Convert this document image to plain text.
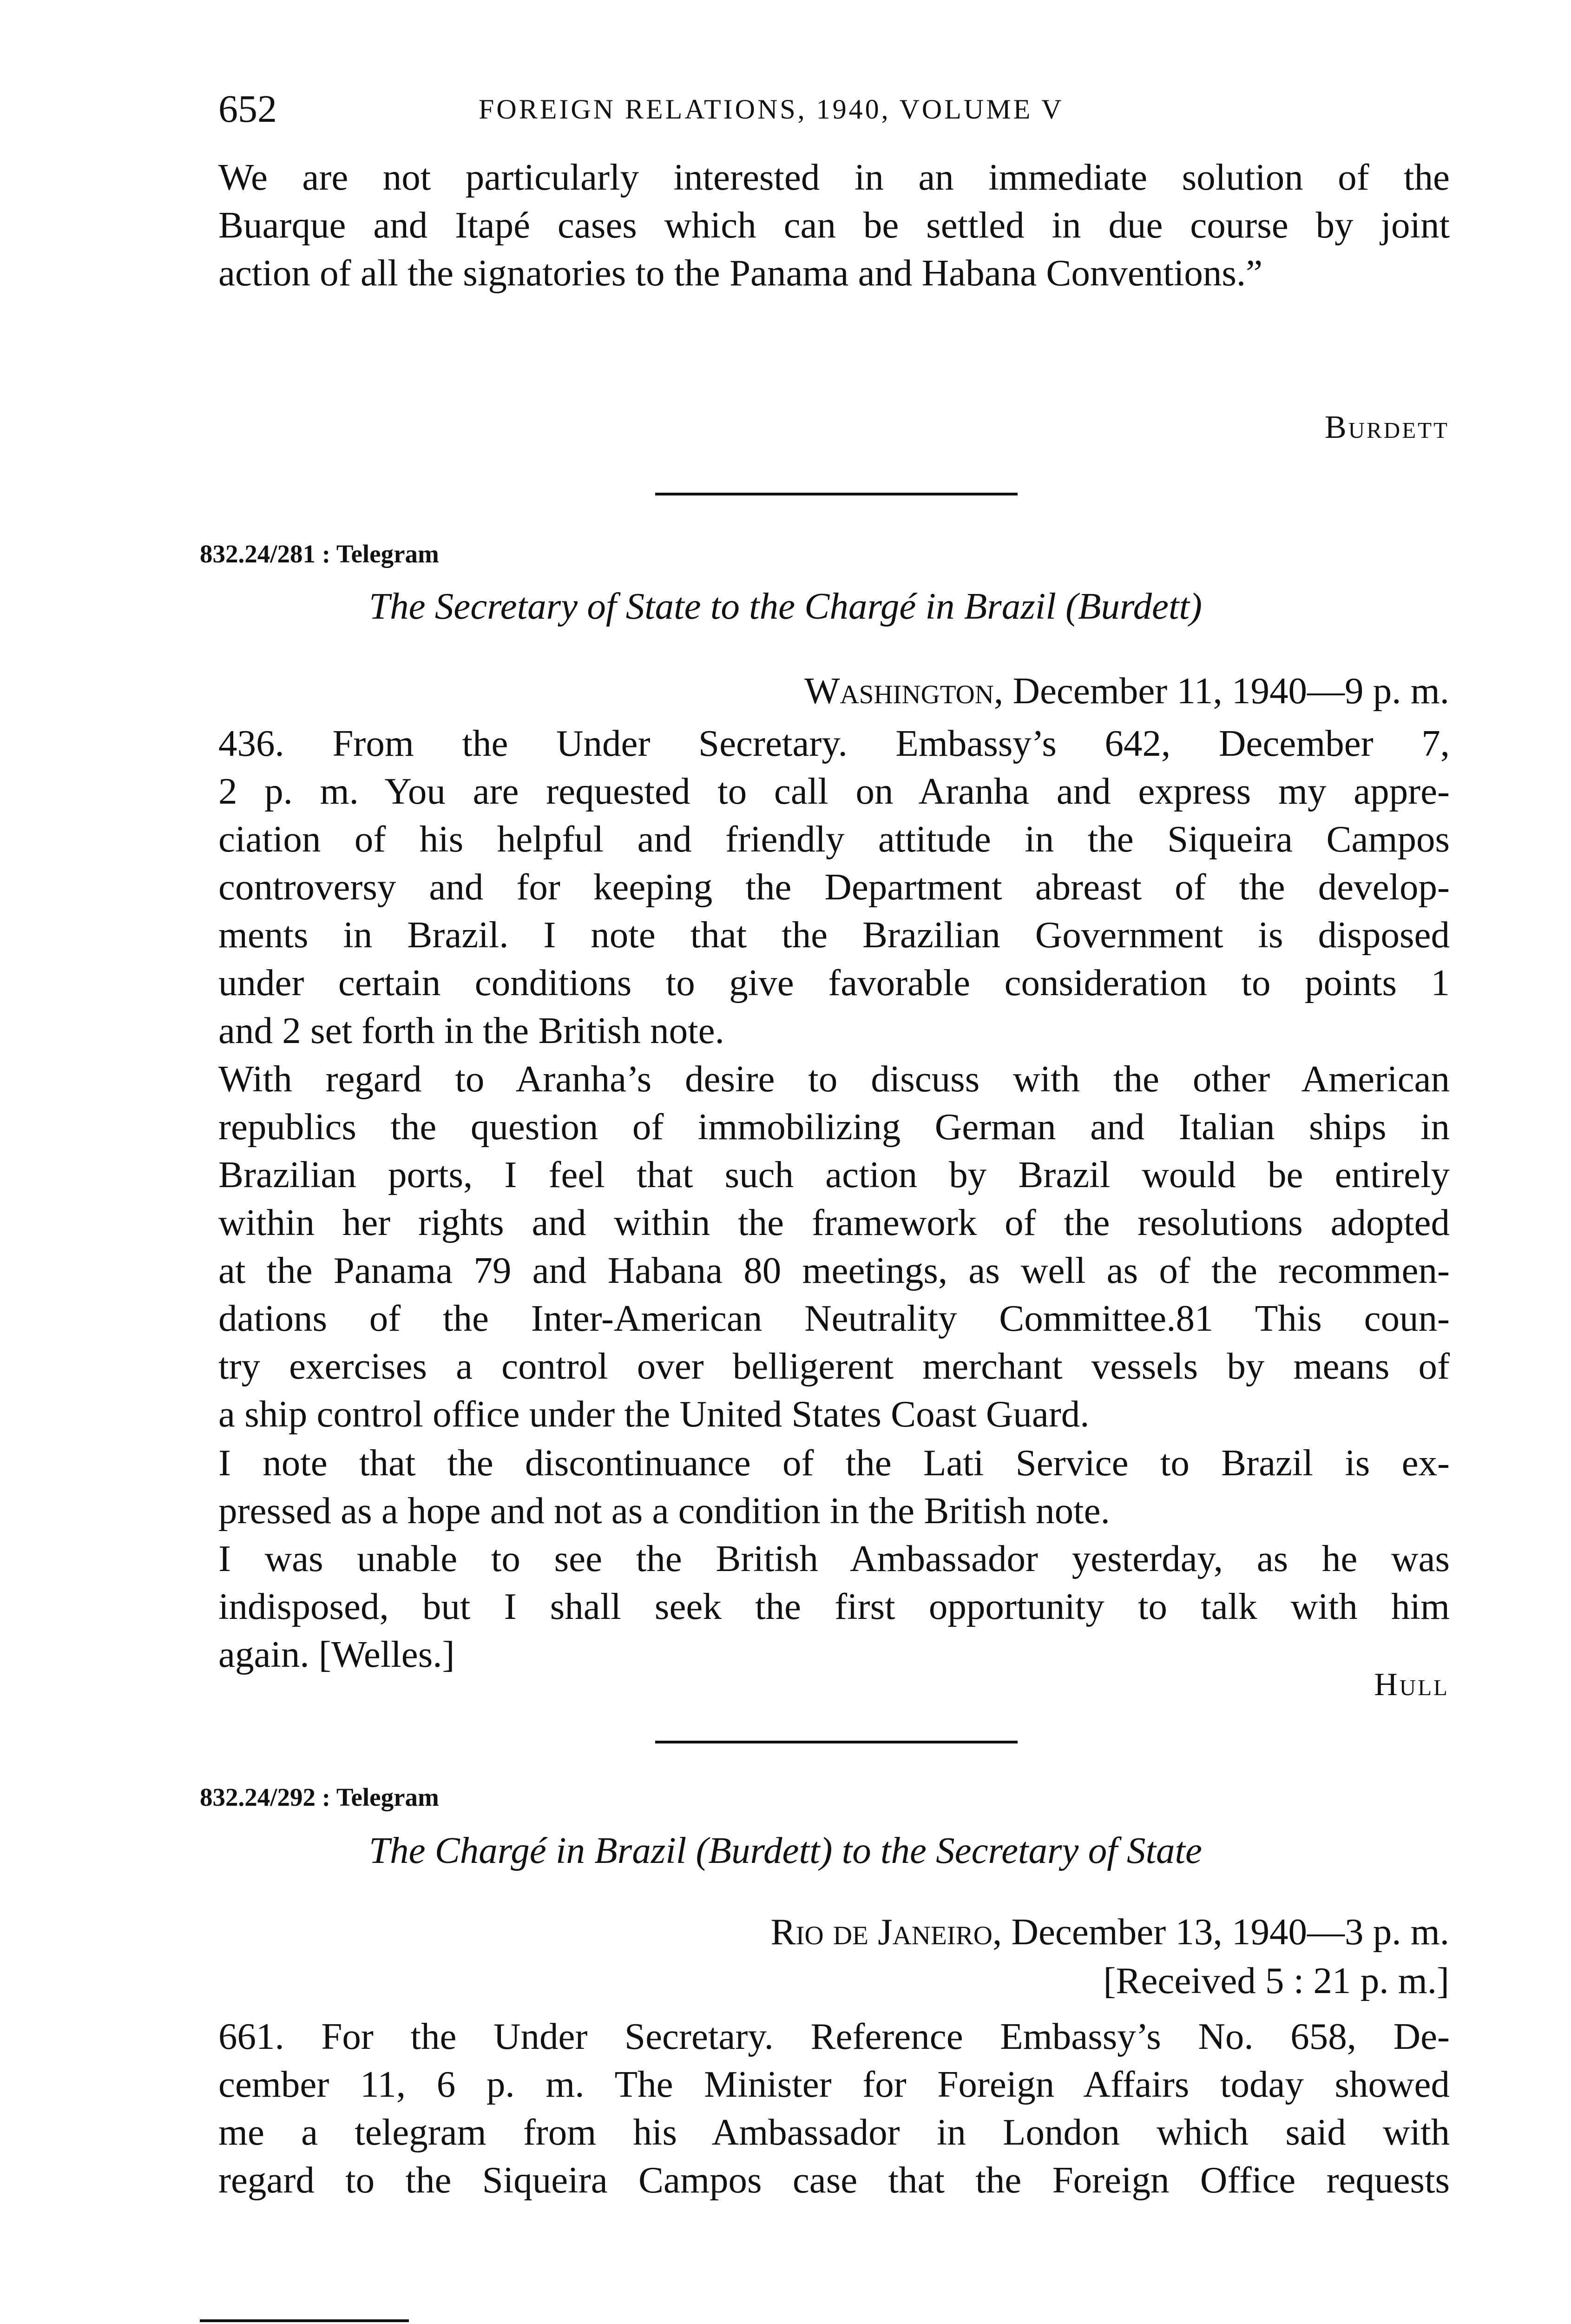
652	FOREIGN RELATIONS, 1940, VOLUME V
We are not particularly interested in an immediate solution of the
Buarque and Itapé cases which can be settled in due course by joint
action of all the signatories to the Panama and Habana Conventions.”
Burdett
832.24/281 : Telegram
The Secretary of State to the Chargé in Brazil (Burdett)
Washington, December 11, 1940—9 p. m.
436. From the Under Secretary. Embassy’s 642, December 7,
2 p. m. You are requested to call on Aranha and express my appre-
ciation of his helpful and friendly attitude in the Siqueira Campos
controversy and for keeping the Department abreast of the develop-
ments in Brazil. I note that the Brazilian Government is disposed
under certain conditions to give favorable consideration to points 1
and 2 set forth in the British note.
With regard to Aranha’s desire to discuss with the other American
republics the question of immobilizing German and Italian ships in
Brazilian ports, I feel that such action by Brazil would be entirely
within her rights and within the framework of the resolutions adopted
at the Panama 79 and Habana 80 meetings, as well as of the recommen-
dations of the Inter-American Neutrality Committee.81 This coun-
try exercises a control over belligerent merchant vessels by means of
a ship control office under the United States Coast Guard.
I note that the discontinuance of the Lati Service to Brazil is ex-
pressed as a hope and not as a condition in the British note.
I was unable to see the British Ambassador yesterday, as he was
indisposed, but I shall seek the first opportunity to talk with him
again. [Welles.]
Hull
832.24/292 : Telegram
The Chargé in Brazil (Burdett) to the Secretary of State
Rio de Janeiro, December 13, 1940—3 p. m.
[Received 5 : 21 p. m.]
661. For the Under Secretary. Reference Embassy’s No. 658, De-
cember 11, 6 p. m. The Minister for Foreign Affairs today showed
me a telegram from his Ambassador in London which said with
regard to the Siqueira Campos case that the Foreign Office requests
